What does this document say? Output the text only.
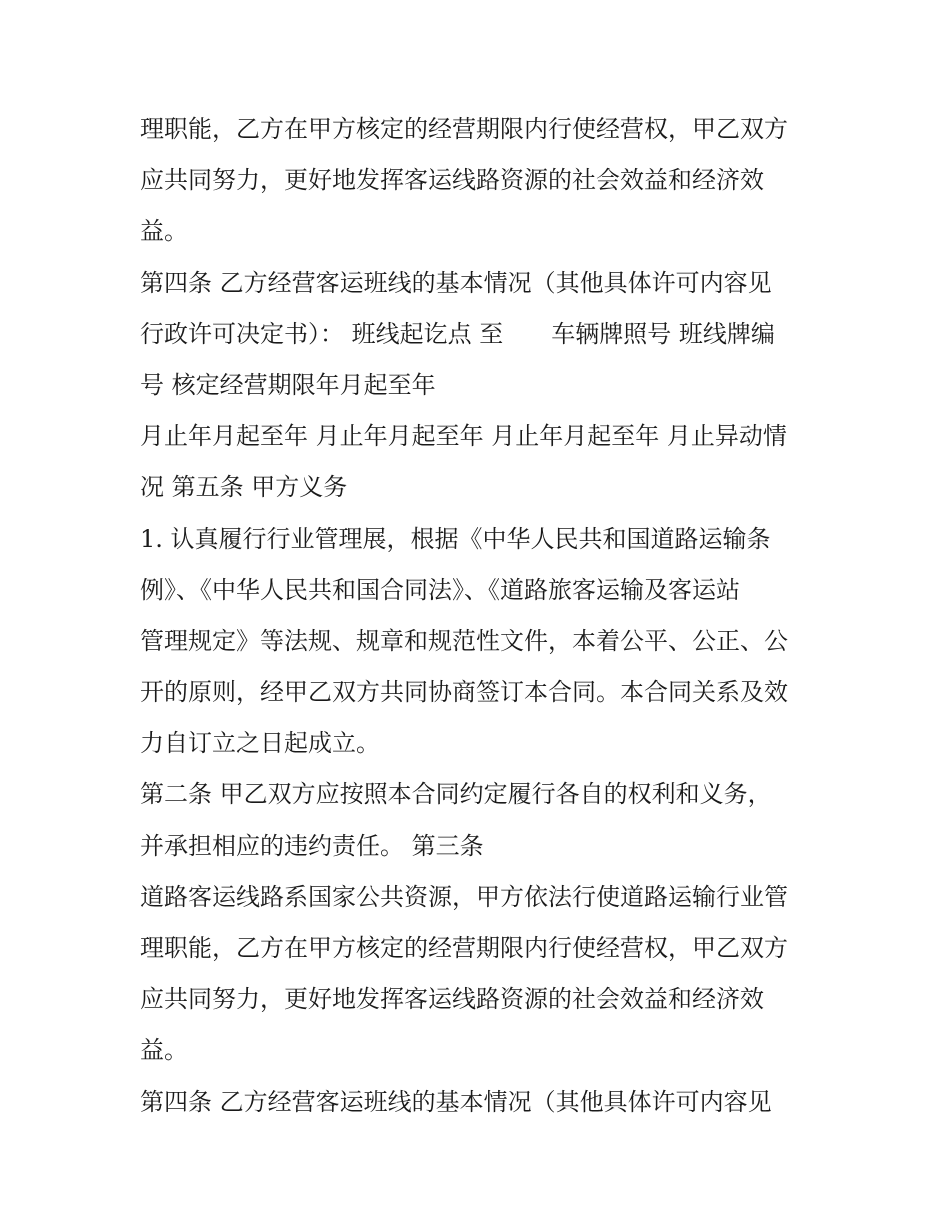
理职能，乙方在甲方核定的经营期限内行使经营权，甲乙双方
应共同努力，更好地发挥客运线路资源的社会效益和经济效
益。
第四条 乙方经营客运班线的基本情况（其他具体许可内容见
行政许可决定书）： 班线起讫点 至　　车辆牌照号 班线牌编
号 核定经营期限年月起至年
月止年月起至年 月止年月起至年 月止年月起至年 月止异动情
况 第五条 甲方义务
1. 认真履行行业管理展，根据《中华人民共和国道路运输条
例》、《中华人民共和国合同法》、《道路旅客运输及客运站
管理规定》等法规、规章和规范性文件，本着公平、公正、公
开的原则，经甲乙双方共同协商签订本合同。本合同关系及效
力自订立之日起成立。
第二条 甲乙双方应按照本合同约定履行各自的权利和义务，
并承担相应的违约责任。 第三条
道路客运线路系国家公共资源，甲方依法行使道路运输行业管
理职能，乙方在甲方核定的经营期限内行使经营权，甲乙双方
应共同努力，更好地发挥客运线路资源的社会效益和经济效
益。
第四条 乙方经营客运班线的基本情况（其他具体许可内容见
